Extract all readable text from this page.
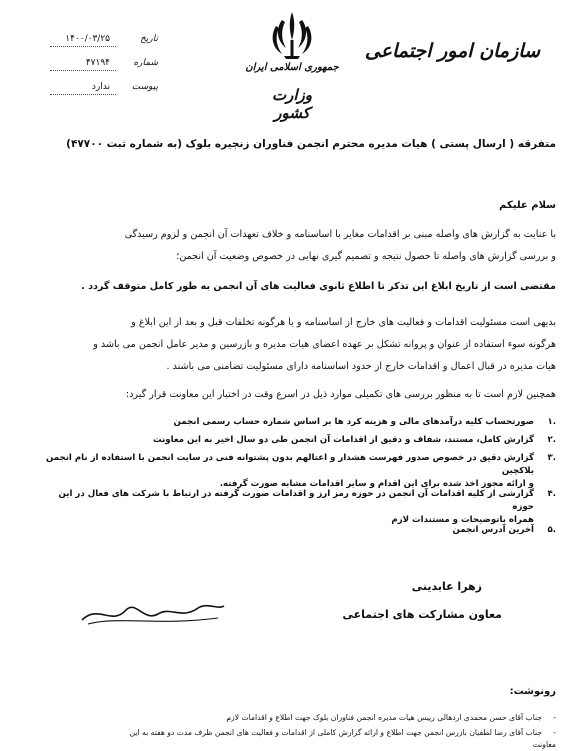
سازمان امور اجتماعی
جمهوری اسلامی ایران
وزارت کشور
تاریخ
۱۴۰۰/۰۳/۲۵
شماره
۴۷۱۹۴
پیوست
ندارد
متفرقه ( ارسال پستی ) هیات مدیره محترم انجمن فناوران زنجیره بلوک (به شماره ثبت ۴۷۷۰۰)
سلام علیکم
با عنایت به گزارش های واصله مبنی بر اقدامات مغایر با اساسنامه و خلاف تعهدات آن انجمن و لزوم رسیدگی
و بررسی گزارش های واصله تا حصول نتیجه و تصمیم گیری نهایی در خصوص وضعیت آن انجمن؛
مقتضی است از تاریخ ابلاغ این تذکر تا اطلاع ثانوی فعالیت های آن انجمن به طور کامل متوقف گردد .
بدیهی است مسئولیت اقدامات و فعالیت های خارج از اساسنامه و یا هرگونه تخلفات قبل و بعد از این ابلاغ و
هرگونه سوء استفاده از عنوان و پروانه تشکل بر عهده اعضای هیات مدیره و بازرسین و مدیر عامل انجمن می باشد و
هیات مدیره در قبال اعمال و اقدامات خارج از حدود اساسنامه دارای مسئولیت تضامنی می باشند .
همچنین لازم است تا به منظور بررسی های تکمیلی موارد ذیل در اسرع وقت در اختیار این معاونت قرار گیرد:
.۱
صورتحساب کلیه درآمدهای مالی و هزینه کرد ها بر اساس شماره حساب رسمی انجمن
.۲
گزارش کامل، مستند، شفاف و دقیق از اقدامات آن انجمن طی دو سال اخیر به این معاونت
.۳
گزارش دقیق در خصوص صدور فهرست هشدار و اعتالهم بدون پشتوانه فنی در سایت انجمن با استفاده از نام انجمن بلاکچین
و ارائه مجوز اخذ شده برای این اقدام و سایر اقدامات مشابه صورت گرفته.
.۴
گزارشی از کلیه اقدامات آن انجمن در حوزه رمز ارز و اقدامات صورت گرفته در ارتباط با شرکت های فعال در این حوزه
همراه باتوضیحات و مستندات لازم
.۵
آخرین آدرس انجمن
زهرا عابدینی
معاون مشارکت های اجتماعی
رونوشت:
-
جناب آقای حسن محمدی اردهالی رییس هیات مدیره انجمن فناوران بلوک جهت اطلاع و اقدامات لازم
-
جناب آقای رضا لطفیان بازرس انجمن جهت اطلاع و ارائه گزارش کاملی از اقدامات و فعالیت های انجمن ظرف مدت دو هفته به این
معاونت
